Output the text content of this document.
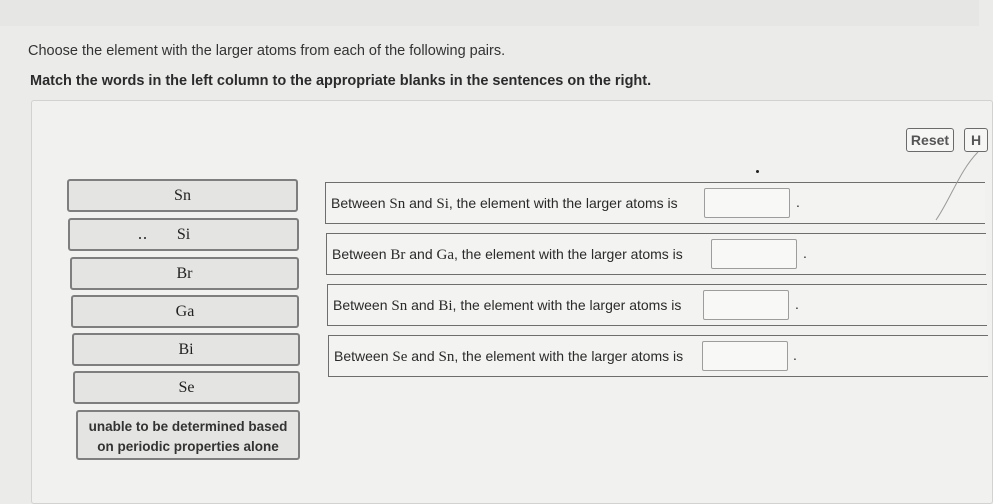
Choose the element with the larger atoms from each of the following pairs.
Match the words in the left column to the appropriate blanks in the sentences on the right.
Reset	H
Sn
Si
Br
Ga
Bi
Se
unable to be determined based
on periodic properties alone
Between Sn and Si, the element with the larger atoms is	.
Between Br and Ga, the element with the larger atoms is	.
Between Sn and Bi, the element with the larger atoms is	.
Between Se and Sn, the element with the larger atoms is	.
